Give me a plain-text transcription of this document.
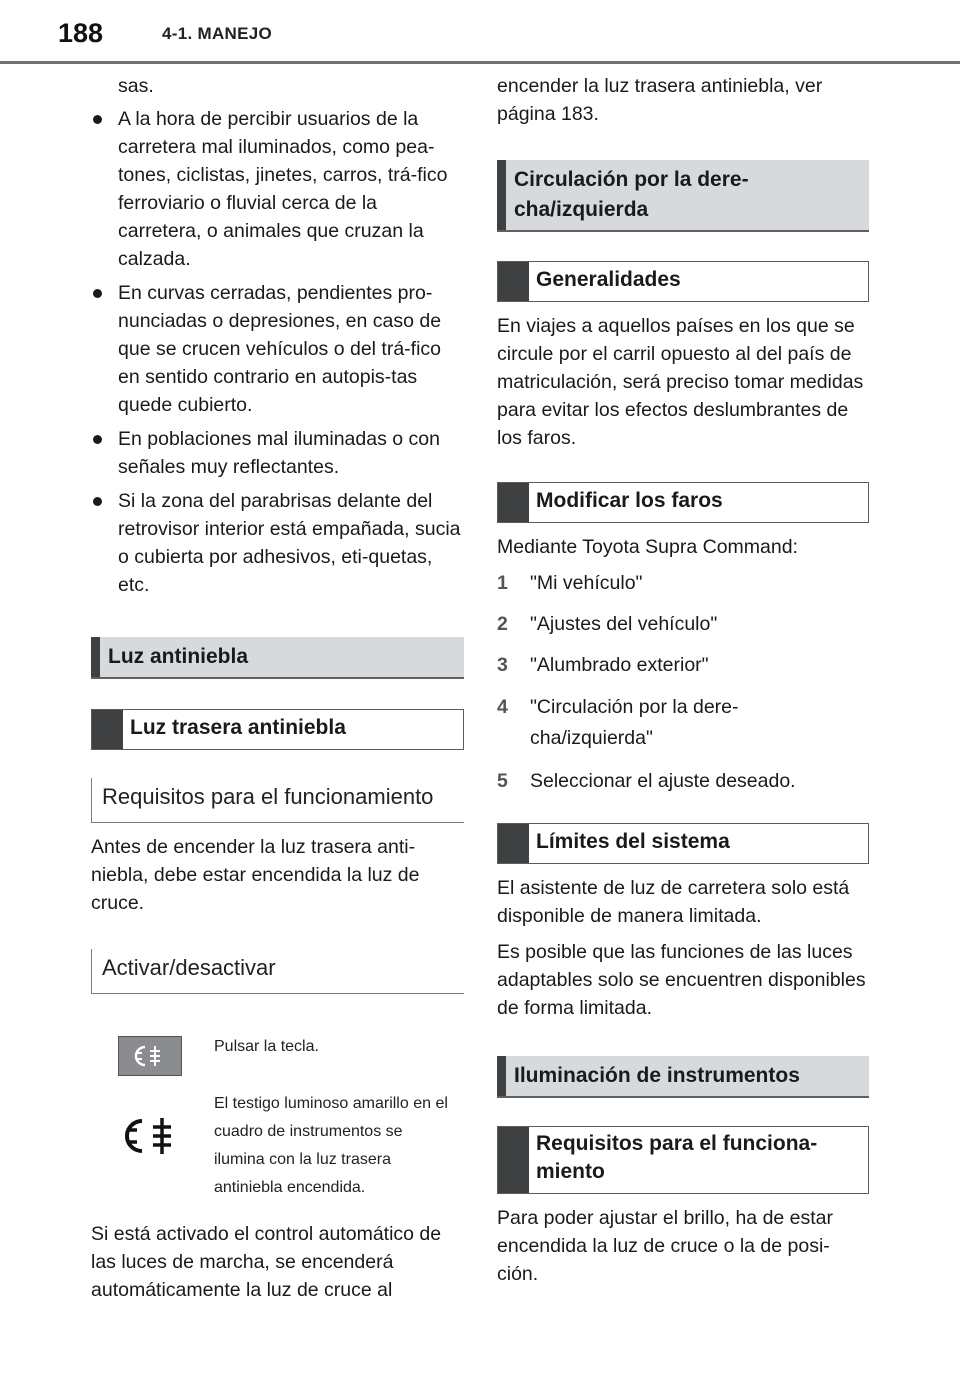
188	4-1. MANEJO
sas.
A la hora de percibir usuarios de la carretera mal iluminados, como pea-tones, ciclistas, jinetes, carros, trá-fico ferroviario o fluvial cerca de la carretera, o animales que cruzan la calzada.
En curvas cerradas, pendientes pro-nunciadas o depresiones, en caso de que se crucen vehículos o del trá-fico en sentido contrario en autopis-tas quede cubierto.
En poblaciones mal iluminadas o con señales muy reflectantes.
Si la zona del parabrisas delante del retrovisor interior está empañada, sucia o cubierta por adhesivos, eti-quetas, etc.
Luz antiniebla
Luz trasera antiniebla
Requisitos para el funcionamiento
Antes de encender la luz trasera anti-niebla, debe estar encendida la luz de cruce.
Activar/desactivar
Pulsar la tecla.
El testigo luminoso amarillo en el cuadro de instrumentos se ilumina con la luz trasera antiniebla encendida.
Si está activado el control automático de las luces de marcha, se encenderá automáticamente la luz de cruce al
encender la luz trasera antiniebla, ver página 183.
Circulación por la dere-cha/izquierda
Generalidades
En viajes a aquellos países en los que se circule por el carril opuesto al del país de matriculación, será preciso tomar medidas para evitar los efectos deslumbrantes de los faros.
Modificar los faros
Mediante Toyota Supra Command:
1	"Mi vehículo"
2	"Ajustes del vehículo"
3	"Alumbrado exterior"
4	"Circulación por la dere-cha/izquierda"
5	Seleccionar el ajuste deseado.
Límites del sistema
El asistente de luz de carretera solo está disponible de manera limitada.
Es posible que las funciones de las luces adaptables solo se encuentren disponibles de forma limitada.
Iluminación de instrumentos
Requisitos para el funciona-miento
Para poder ajustar el brillo, ha de estar encendida la luz de cruce o la de posi-ción.
